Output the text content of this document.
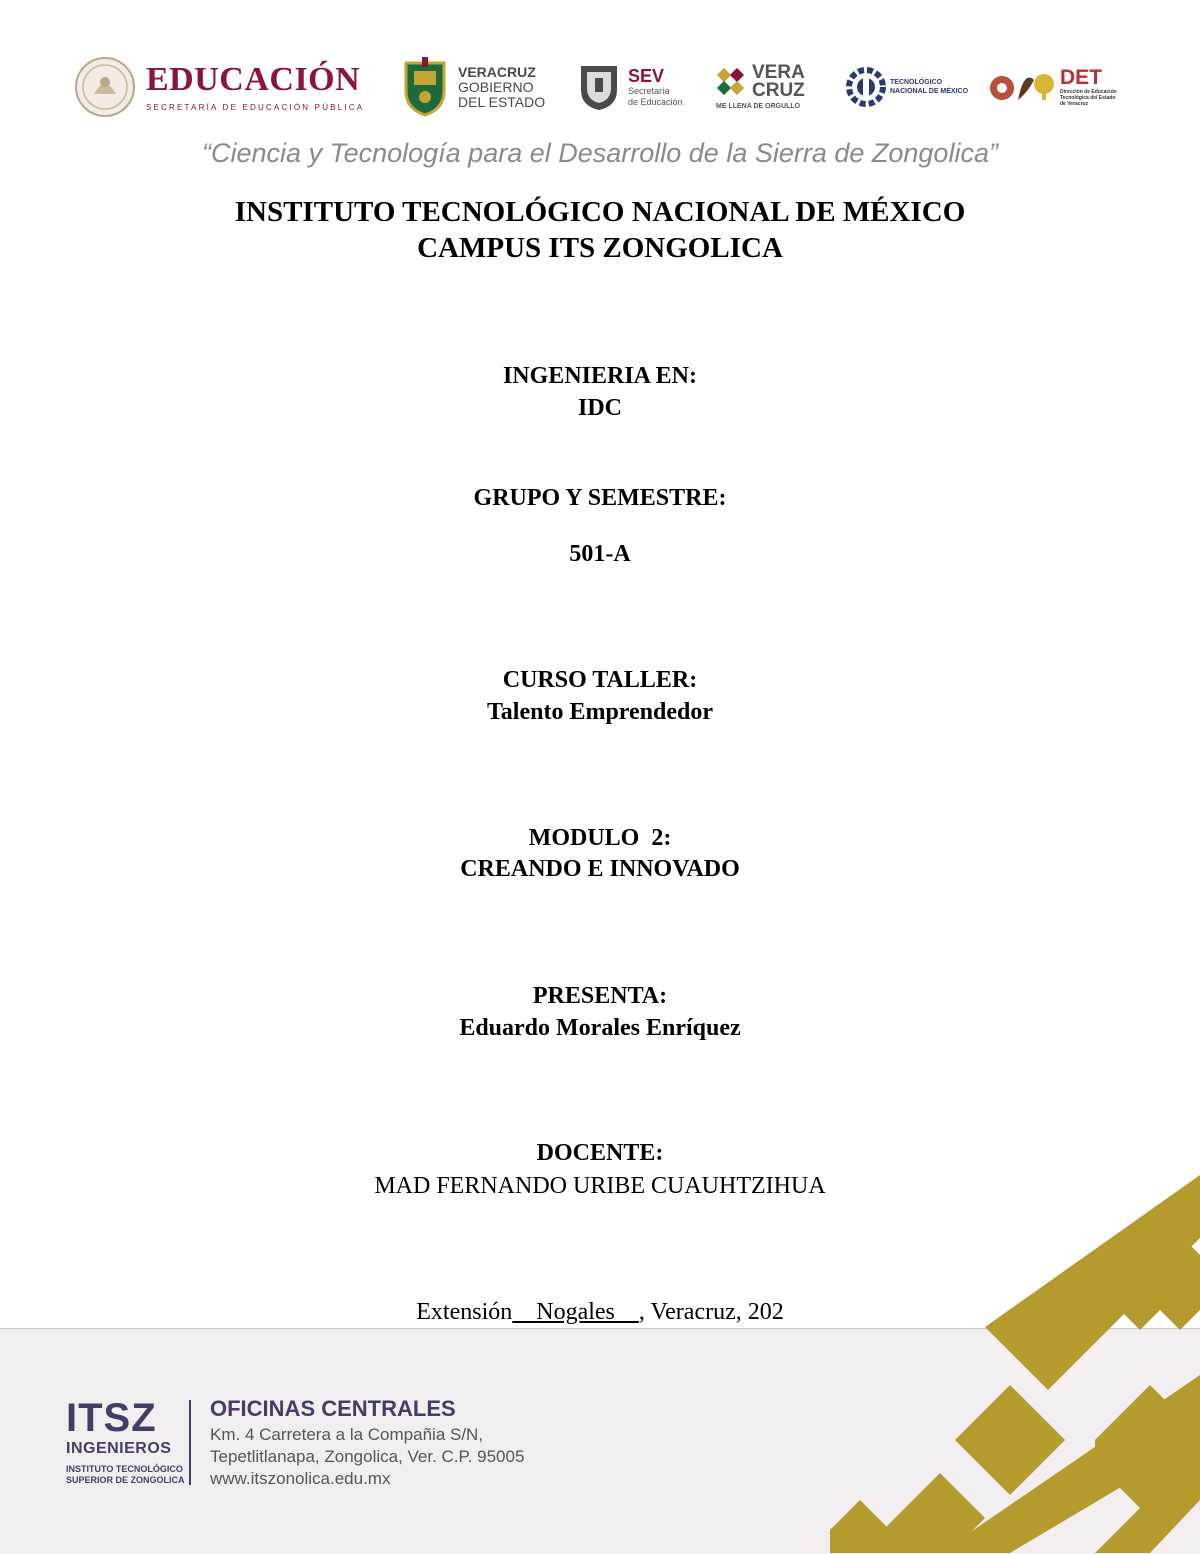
EDUCACIÓN
SECRETARÍA DE EDUCACIÓN PÚBLICA
VERACRUZ
GOBIERNO
DEL ESTADO
SEV
Secretaría
de Educación
VERA
CRUZ
ME LLENA DE ORGULLO
TECNOLÓGICO
NACIONAL DE MÉXICO
DET
Dirección de Educación
Tecnológica del Estado
de Veracruz
“Ciencia y Tecnología para el Desarrollo de la Sierra de Zongolica”
INSTITUTO TECNOLÓGICO NACIONAL DE MÉXICO
CAMPUS ITS ZONGOLICA
INGENIERIA EN:
IDC
GRUPO Y SEMESTRE:
501-A
CURSO TALLER:
Talento Emprendedor
MODULO  2:
CREANDO E INNOVADO
PRESENTA:
Eduardo Morales Enríquez
DOCENTE:
MAD FERNANDO URIBE CUAUHTZIHUA
Extensión Nogales , Veracruz, 202
ITSZ
INGENIEROS
INSTITUTO TECNOLÓGICO
SUPERIOR DE ZONGOLICA
OFICINAS CENTRALES
Km. 4 Carretera a la Compañia S/N,
Tepetlitlanapa, Zongolica, Ver. C.P. 95005
www.itszonolica.edu.mx
